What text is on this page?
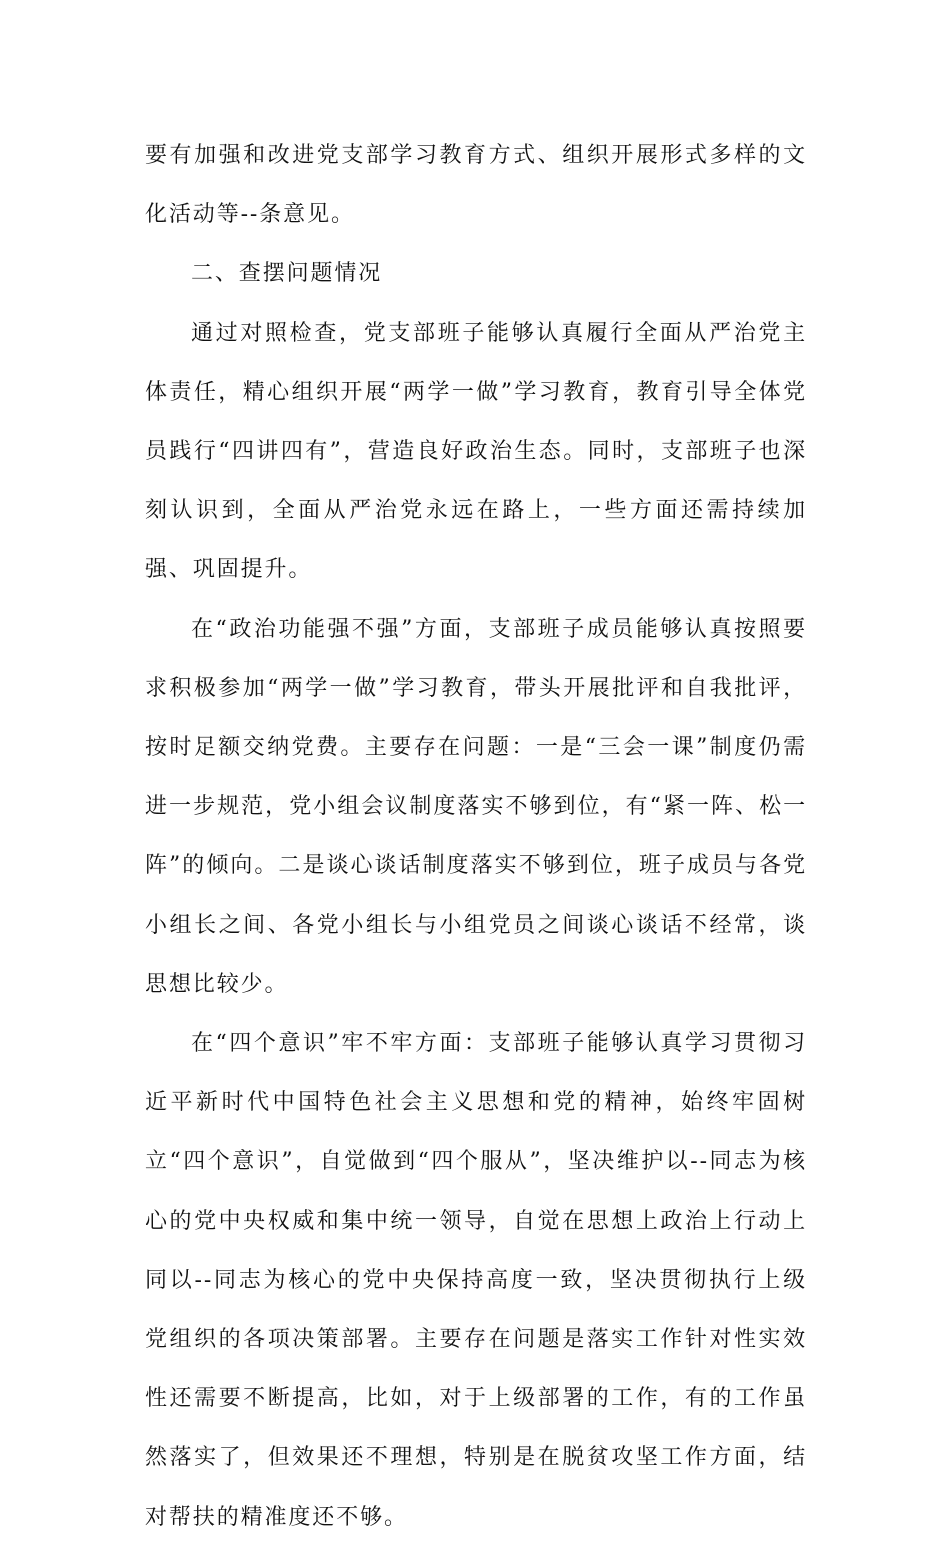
要有加强和改进党支部学习教育方式、组织开展形式多样的文化活动等--条意见。

二、查摆问题情况

通过对照检查，党支部班子能够认真履行全面从严治党主体责任，精心组织开展“两学一做”学习教育，教育引导全体党员践行“四讲四有”，营造良好政治生态。同时，支部班子也深刻认识到，全面从严治党永远在路上，一些方面还需持续加强、巩固提升。

在“政治功能强不强”方面，支部班子成员能够认真按照要求积极参加“两学一做”学习教育，带头开展批评和自我批评，按时足额交纳党费。主要存在问题：一是“三会一课”制度仍需进一步规范，党小组会议制度落实不够到位，有“紧一阵、松一阵”的倾向。二是谈心谈话制度落实不够到位，班子成员与各党小组长之间、各党小组长与小组党员之间谈心谈话不经常，谈思想比较少。

在“四个意识”牢不牢方面：支部班子能够认真学习贯彻习近平新时代中国特色社会主义思想和党的精神，始终牢固树立“四个意识”，自觉做到“四个服从”，坚决维护以--同志为核心的党中央权威和集中统一领导，自觉在思想上政治上行动上同以--同志为核心的党中央保持高度一致，坚决贯彻执行上级党组织的各项决策部署。主要存在问题是落实工作针对性实效性还需要不断提高，比如，对于上级部署的工作，有的工作虽然落实了，但效果还不理想，特别是在脱贫攻坚工作方面，结对帮扶的精准度还不够。
